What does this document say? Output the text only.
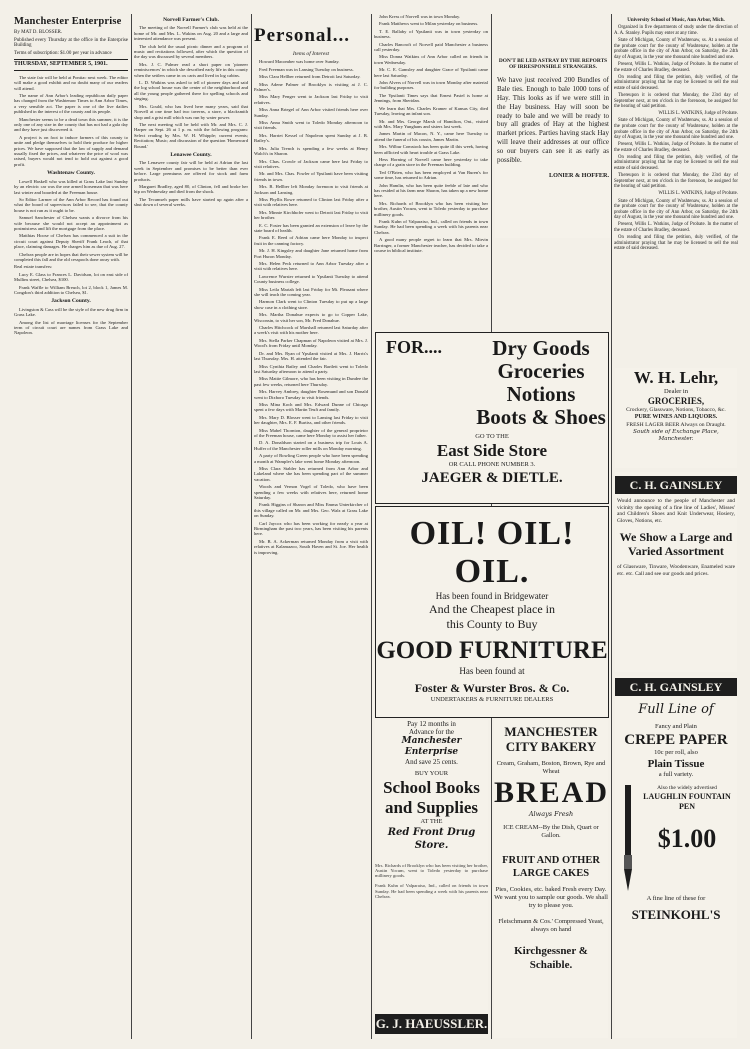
Manchester Enterprise

By MAT D. BLOSSER.

Published every Thursday at the office in the Enterprise Building

Terms of subscription: $1.00 per year in advance

THURSDAY, SEPTEMBER 5, 1901.

The state fair will be held at Pontiac next week. The editor will make a good exhibit and no doubt many of our readers will attend.

The name of Ann Arbor's leading republican daily paper has changed from the Washtenaw Times to Ann Arbor Times, a very sensible act. The paper is one of the live dailies published in the interest of the county and its people.

Manchester seems to be a dead town this summer, it is the only one of any size in the county that has not had a gala day and they have just discovered it.

A project is on foot to induce farmers of this county to unite and pledge themselves to hold their produce for higher prices. We have supposed that the law of supply and demand usually fixed the prices, and whatever the price of wool was raised, buyers would not tend to hold out against a good profit.

Washtenaw County.

Lowell Haskell who was killed at Grass Lake last Sunday by an electric car was the one armed horseman that was here last winter and boarded at the Freeman house.

So Editor Larmer of the Ann Arbor Record has found out what the board of supervisors failed to see, that the county house is not run as it ought to be.

Samuel Sanchester of Chelsea wants a divorce from his wife because she would not accept an appointment as postmistress and lift the mortgage from the place.

Matthias Hoose of Chelsea has commenced a suit in the circuit court against Deputy Sheriff Frank Leach, of that place, claiming damages. He charges him as due of Aug. 27.

Chelsea people are in hopes that their sewer system will be completed this fall and the old cesspools done away with.

Real estate transfers:

Lucy E. Glass to Frances L. Davidson, lot on east side of Mullins street, Chelsea, $100.

Frank Waffle to William Breuch, lot 2, block 1, James M. Congdon's third addition to Chelsea, $1.

Jackson County.

Livingston & Cass will be the style of the new drug firm in Grass Lake.

Among the list of marriage licenses for the September term of circuit court are names from Grass Lake and Napoleon.

Norvell Farmer's Club.

The meeting of the Norvell Farmer's club was held at the home of Mr. and Mrs. L. Wakins on Aug. 20 and a large and interested attendance was present.

The club held the usual picnic dinner and a program of music and recitations followed, after which the question of the day was discussed by several members.

Mrs. J. C. Palmer read a short paper on 'pioneer reminiscences' in which she described early life in this county when the settlers came in ox carts and lived in log cabins.

L. D. Watkins was asked to tell of pioneer days and said the log school house was the center of the neighborhood and all the young people gathered there for spelling schools and singing.

Mrs. Gould, who has lived here many years, said that Norvell at one time had two taverns, a store, a blacksmith shop and a grist mill which was run by water power.

The next meeting will be held with Mr. and Mrs. C. J. Harper on Sept. 26 at 1 p. m. with the following program: Select reading by Mrs. W. H. Whipple; current events; Recitation; Music; and discussion of the question 'Homeward Bound.'

Lenawee County.

The Lenawee county fair will be held at Adrian the last week in September and promises to be better than ever before. Large premiums are offered for stock and farm products.

Margaret Bradley, aged 80, of Clinton, fell and broke her hip on Wednesday and died from the shock.

The Tecumseh paper mills have started up again after a shut down of several weeks.

Personal...
Items of Interest

Howard Macomber was home over Sunday.

Fred Freeman was in Lansing Tuesday on business.

Miss Clara Hellber returned from Detroit last Saturday.

Miss Adene Palmer of Brooklyn is visiting at J. C. Palmer's.

Miss Mary Fenger went to Jackson last Friday to visit relatives.

Miss Anna Briegel of Ann Arbor visited friends here over Sunday.

Miss Anna Smith went to Toledo Monday afternoon to visit friends.

Mrs. Harriet Kessel of Napoleon spent Sunday at J. B. Bailey's.

Mrs. Julia Trench is spending a few weeks at Henry Walch's in Sharon.

Mrs. Chas. Crowle of Jackson came here last Friday to visit relatives.

Mr. and Mrs. Chas. Fowler of Ypsilanti have been visiting friends in town.

Mrs. B. Hellber left Monday forenoon to visit friends at Jackson and Lansing.

Miss Phyllis Rowe returned to Clinton last Friday after a visit with relatives here.

Mrs. Minnie Kirchhofer went to Detroit last Friday to visit her brother.

E. C. Foster has been granted an extension of leave by the state board of health.

Frank E. Reed of Adrian came here Monday to inspect fruit in the canning factory.

Mr. J. H. Kingsley and daughter Jane returned home from Port Huron Monday.

Mrs. Helen Peck returned to Ann Arbor Tuesday after a visit with relatives here.

Lawrence Wurster returned to Ypsilanti Tuesday to attend County business college.

Miss Leila Mariah left last Friday for Mt. Pleasant where she will teach the coming year.

Harmon Clark went to Clinton Tuesday to put up a large show case in a clothing store.

Mrs. Martha Donahue expects to go to Copper Lake, Wisconsin, to visit her son, Mr. Fred Donahue.

Charles Hitchcock of Marshall returned last Saturday after a week's visit with his mother here.

Mrs. Stella Parker Chapman of Napoleon visited at Mrs. J. Wood's from Friday until Monday.

Dr. and Mrs. Ryan of Ypsilanti visited at Mrs. J. Harris's last Thursday. Mrs. H. attended the fair.

Miss Cynthia Bailey and Charles Bartlett went to Toledo last Saturday afternoon to attend a party.

Miss Mattie Gilmore, who has been visiting in Dundee the past few weeks, returned here Thursday.

Mrs. Harvey Ambrey, daughter Rosemund and son Donald went to Dixboro Tuesday to visit friends.

Miss Mina Koch and Mrs. Edward Dunne of Chicago spent a few days with Martin Teuft and family.

Mrs. Mary D. Blosser went to Lansing last Friday to visit her daughter, Mrs. E. F. Burtiss, and other friends.

Miss Mabel Thornton, daughter of the general proprietor of the Freeman house, came here Monday to assist her father.

D. A. Donaldson started on a business trip for Louis A. Huffer of the Manchester roller mills on Monday morning.

A party of Bowling Green people who have been spending a month at Wampler's lake went home Monday afternoon.

Miss Clara Stabler has returned from Ann Arbor and Lakeland where she has been spending part of the summer vacation.

Woods and Vernon Vogel of Toledo, who have been spending a few weeks with relatives here, returned home Saturday.

Frank Higgins of Sharon and Miss Emma Unterkircher of this village called on Mr. and Mrs. Geo. Walz at Grass Lake on Sunday.

Carl Jaycox who has been working for nearly a year at Birmingham the past two years, has been visiting his parents here.

Mr. B. A. Ackerman returned Monday from a visit with relatives at Kalamazoo, South Haven and St. Joe. Her health is improving.

John Kress of Norvell was in town Monday.

Frank Matthews went to Milan yesterday on business.

T. E. Ballaby of Ypsilanti was in town yesterday on business.

Charles Bancroft of Norvell paid Manchester a business call yesterday.

Miss Donna Watkins of Ann Arbor called on friends in town Wednesday.

Mr. C. E. Gamsley and daughter Grace of Ypsilanti came here last Saturday.

John Alvers of Norvell was in town Monday after material for building purposes.

The Ypsilanti Times says that Ernest Pastel is home at Jennings, from Sheridan.

We learn that Mrs. Charles Kramer of Kansas City, died Tuesday, leaving an infant son.

Mr. and Mrs. George Marsh of Hamilton, Ont., visited with Mrs. Mary Yunghans and sisters last week.

James Martin of Macon, N. Y., came here Tuesday to attend the funeral of his cousin, James Martin.

Mrs. Wilbur Comstock has been quite ill this week, having been afflicted with heart trouble at Grass Lake.

Hess Horning of Norvell came here yesterday to take charge of a grain store in the Freeman building.

Ted O'Brien, who has been employed at Van Buren's for some time, has returned to Adrian.

John Hamlin, who has been quite feeble of late and who has resided at his farm near Sharon, has taken up a new home here.

Mrs. Richards of Brooklyn who has been visiting her brother, Austin Yocum, went to Toledo yesterday to purchase millinery goods.

Frank Kuhn of Valparaiso, Ind., called on friends in town Sunday. He had been spending a week with his parents near Chelsea.

A good many people regret to learn that Mrs. Mirvin Barringer, a former Manchester teacher, has decided to take a course in biblical institute.

DON'T BE LED ASTRAY BY THE REPORTS OF IRRESPONSIBLE STRANGERS.
We have just received 200 Bundles of Bale ties. Enough to bale 1000 tons of Hay. This looks as if we were still in the Hay business. Hay will soon be ready to bale and we will be ready to buy all grades of Hay at the highest market prices. Parties having stack Hay will leave their addresses at our office so our buyers can see it as early as possible.
LONIER & HOFFER.
FOR....	Dry Goods
Groceries
Notions
Boots & Shoes
GO TO THE
East Side Store
OR CALL PHONE NUMBER 3.
JAEGER & DIETLE.
OIL! OIL! OIL.
Has been found in Bridgewater
And the Cheapest place in
this County to Buy
GOOD FURNITURE
Has been found at
Foster & Wurster Bros. & Co.
UNDERTAKERS & FURNITURE DEALERS
Pay 12 months in
Advance for the
Manchester Enterprise
And save 25 cents.
BUY YOUR
School Books and Supplies
AT THE
Red Front Drug Store.

Mrs. Richards of Brooklyn who has been visiting her brother, Austin Yocum, went to Toledo yesterday to purchase millinery goods.

Frank Kuhn of Valparaiso, Ind., called on friends in town Sunday. He had been spending a week with his parents near Chelsea.

G. J. HAEUSSLER.
MANCHESTER CITY BAKERY
Cream, Graham, Boston, Brown, Rye and Wheat
BREAD
Always Fresh
ICE CREAM--By the Dish, Quart or Gallon.
FRUIT AND OTHER LARGE CAKES
Pies, Cookies, etc. baked Fresh every Day. We want you to sample our goods. We shall try to please you.
Fleischmann & Cos.' Compressed Yeast, always on hand
Kirchgessner & Schaible.
University School of Music, Ann Arbor, Mich.

Organized in five departments of study under the direction of A. A. Stanley. Pupils may enter at any time.

State of Michigan, County of Washtenaw, ss. At a session of the probate court for the county of Washtenaw, holden at the probate office in the city of Ann Arbor, on Saturday, the 24th day of August, in the year one thousand nine hundred and one.

Present, Willis L. Watkins, Judge of Probate. In the matter of the estate of Charles Bradley, deceased.

On reading and filing the petition, duly verified, of the administrator praying that he may be licensed to sell the real estate of said deceased.

Thereupon it is ordered that Monday, the 23rd day of September next, at ten o'clock in the forenoon, be assigned for the hearing of said petition.

WILLIS L. WATKINS, Judge of Probate.

State of Michigan, County of Washtenaw, ss. At a session of the probate court for the county of Washtenaw, holden at the probate office in the city of Ann Arbor, on Saturday, the 24th day of August, in the year one thousand nine hundred and one.

Present, Willis L. Watkins, Judge of Probate. In the matter of the estate of Charles Bradley, deceased.

On reading and filing the petition, duly verified, of the administrator praying that he may be licensed to sell the real estate of said deceased.

Thereupon it is ordered that Monday, the 23rd day of September next, at ten o'clock in the forenoon, be assigned for the hearing of said petition.

WILLIS L. WATKINS, Judge of Probate.

State of Michigan, County of Washtenaw, ss. At a session of the probate court for the county of Washtenaw, holden at the probate office in the city of Ann Arbor, on Saturday, the 24th day of August, in the year one thousand nine hundred and one.

Present, Willis L. Watkins, Judge of Probate. In the matter of the estate of Charles Bradley, deceased.

On reading and filing the petition, duly verified, of the administrator praying that he may be licensed to sell the real estate of said deceased.

W. H. Lehr,
Dealer in
GROCERIES,
Crockery, Glassware, Notions, Tobacco, &c.
PURE WINES AND LIQUORS.
FRESH LAGER BEER Always on Draught.
South side of Exchange Place, Manchester.
C. H. GAINSLEY
Would announce to the people of Manchester and vicinity the opening of a fine line of Ladies', Misses' and Children's Shoes and Knit Underwear, Hosiery, Gloves, Notions, etc.
We Show a Large and Varied Assortment
of Glassware, Tinware, Woodenware, Enameled ware etc. etc. Call and see our goods and prices.
C. H. GAINSLEY
Full Line of
Fancy and Plain
CREPE PAPER
10c per roll, also
Plain Tissue
a full variety.
Also the widely advertised
LAUGHLIN FOUNTAIN PEN
$1.00
A fine line of these for
STEINKOHL'S
